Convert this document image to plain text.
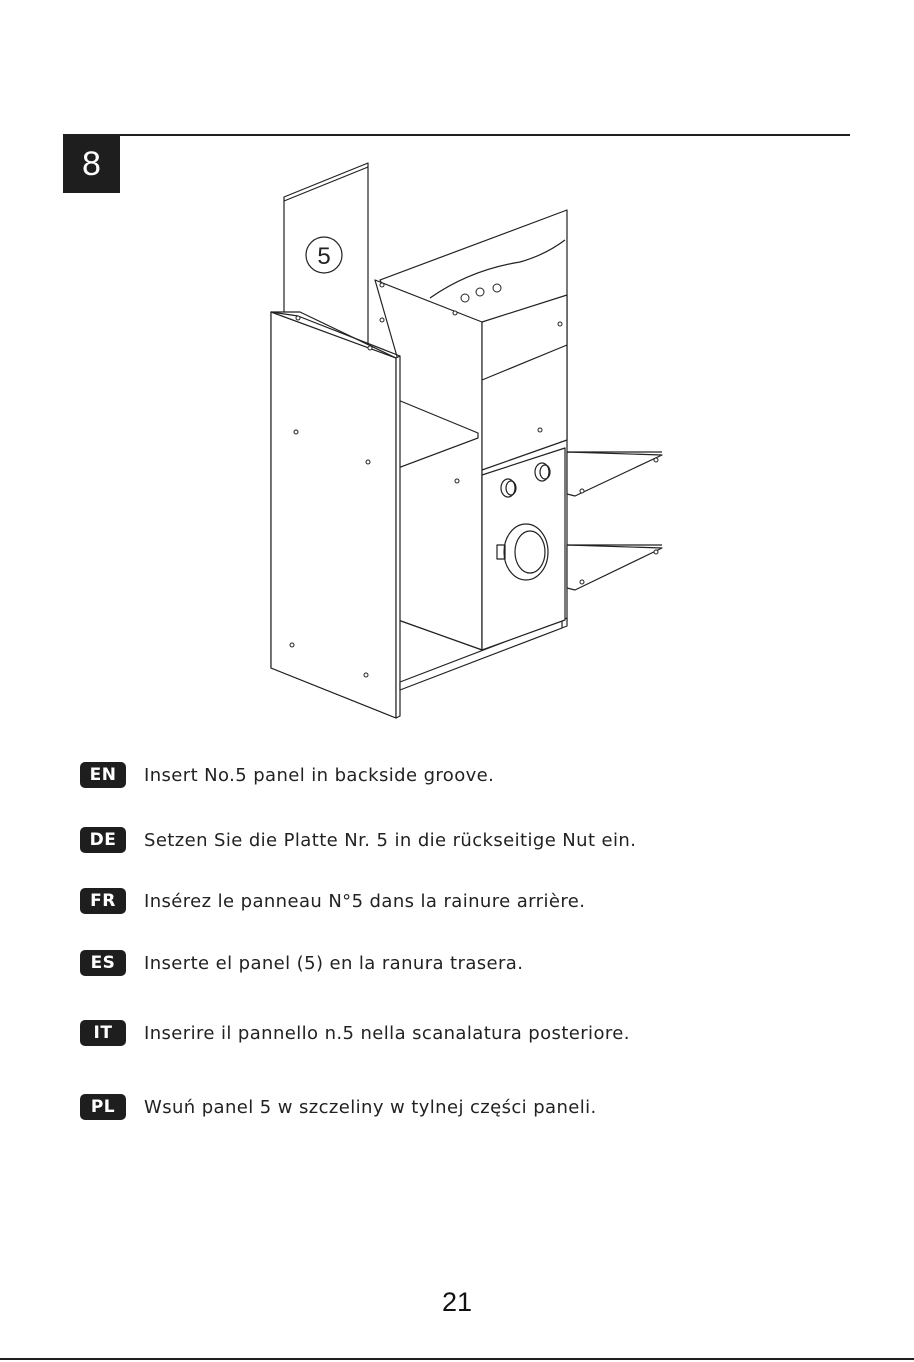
8
5
EN	Insert No.5 panel in backside groove.
DE	Setzen Sie die Platte Nr. 5 in die rückseitige Nut ein.
FR	Insérez le panneau N°5 dans la rainure arrière.
ES	Inserte el panel (5) en la ranura trasera.
IT	Inserire il pannello n.5 nella scanalatura posteriore.
PL	Wsuń panel 5 w szczeliny w tylnej części paneli.
21
